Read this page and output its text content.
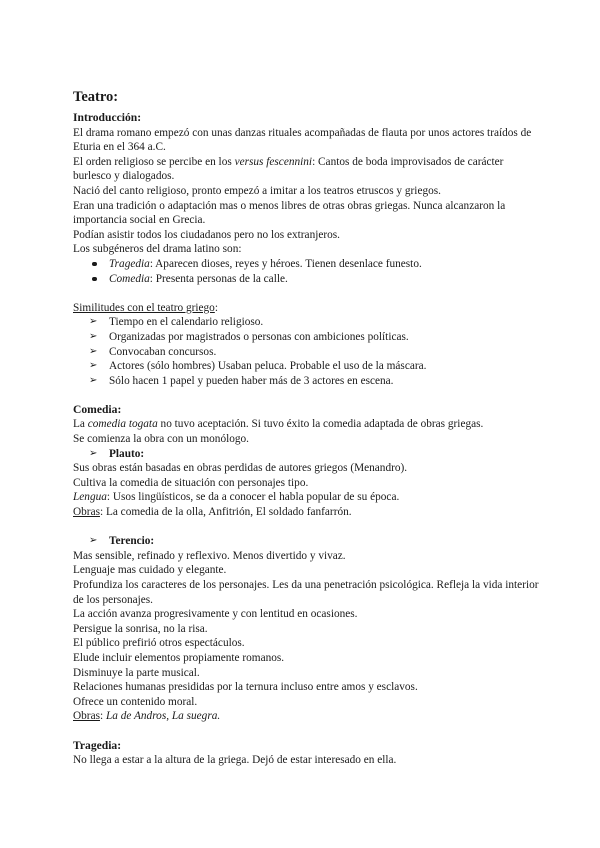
Teatro:
Introducción:

El drama romano empezó con unas danzas rituales acompañadas de flauta por unos actores traídos de Eturia en el 364 a.C.

El orden religioso se percibe en los versus fescennini: Cantos de boda improvisados de carácter burlesco y dialogados.

Nació del canto religioso, pronto empezó a imitar a los teatros etruscos y griegos.

Eran una tradición o adaptación mas o menos libres de otras obras griegas. Nunca alcanzaron la importancia social en Grecia.

Podían asistir todos los ciudadanos pero no los extranjeros.

Los subgéneros del drama latino son:

Tragedia: Aparecen dioses, reyes y héroes. Tienen desenlace funesto.
Comedia: Presenta personas de la calle.

Similitudes con el teatro griego:

➢ Tiempo en el calendario religioso.
➢ Organizadas por magistrados o personas con ambiciones políticas.
➢ Convocaban concursos.
➢ Actores (sólo hombres) Usaban peluca. Probable el uso de la máscara.
➢ Sólo hacen 1 papel y pueden haber más de 3 actores en escena.
Comedia:

La comedia togata no tuvo aceptación. Si tuvo éxito la comedia adaptada de obras griegas.

Se comienza la obra con un monólogo.

➢ Plauto:

Sus obras están basadas en obras perdidas de autores griegos (Menandro).

Cultiva la comedia de situación con personajes tipo.

Lengua: Usos lingüísticos, se da a conocer el habla popular de su época.

Obras: La comedia de la olla, Anfitrión, El soldado fanfarrón.

➢ Terencio:

Mas sensible, refinado y reflexivo. Menos divertido y vivaz.

Lenguaje mas cuidado y elegante.

Profundiza los caracteres de los personajes. Les da una penetración psicológica. Refleja la vida interior de los personajes.

La acción avanza progresivamente y con lentitud en ocasiones.

Persigue la sonrisa, no la risa.

El público prefirió otros espectáculos.

Elude incluir elementos propiamente romanos.

Disminuye la parte musical.

Relaciones humanas presididas por la ternura incluso entre amos y esclavos.

Ofrece un contenido moral.

Obras: La de Andros, La suegra.

Tragedia:

No llega a estar a la altura de la griega. Dejó de estar interesado en ella.
